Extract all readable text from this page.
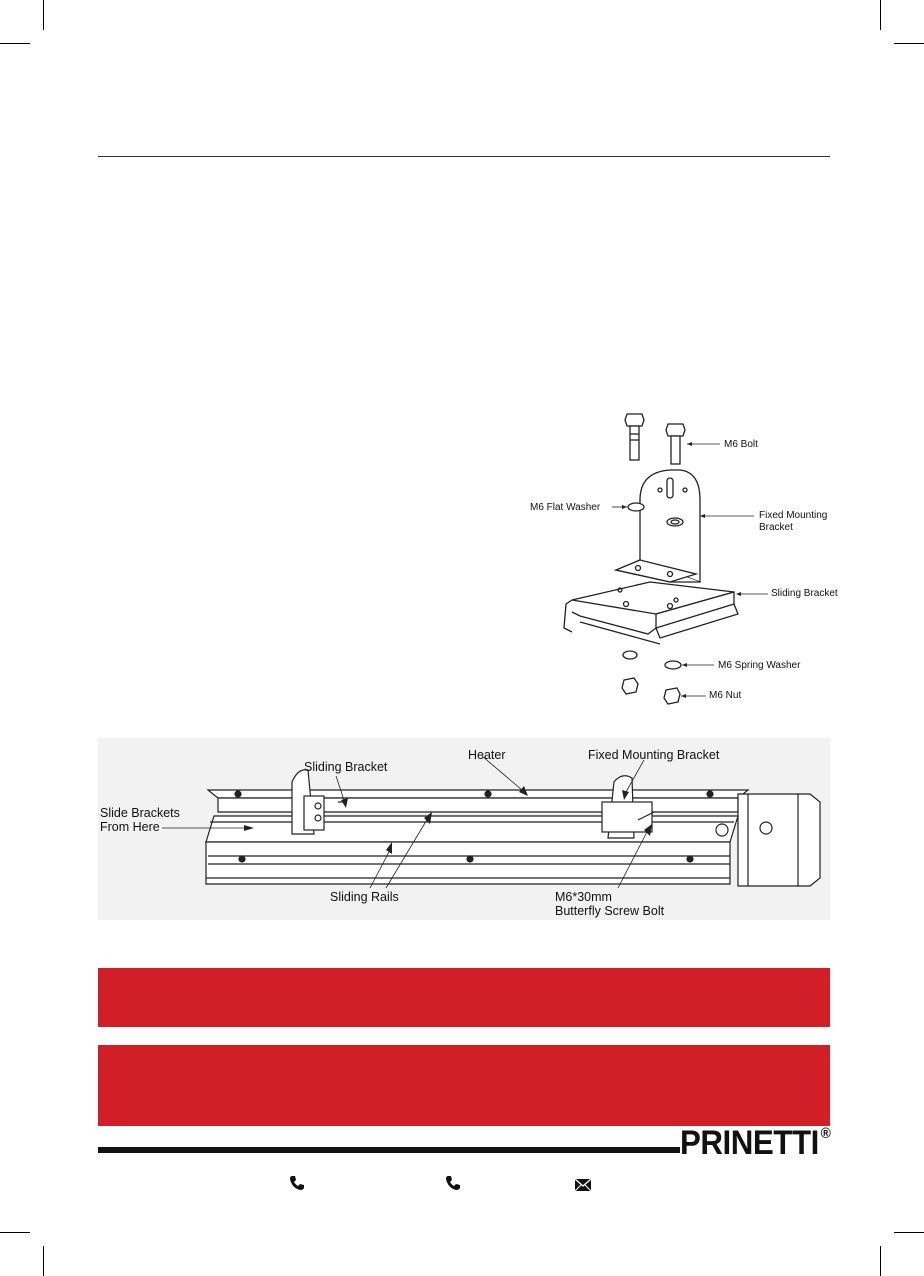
M6 Bolt
M6 Flat Washer
Fixed Mounting
Bracket
Sliding Bracket
M6 Spring Washer
M6 Nut
Sliding Bracket
Heater	Fixed Mounting Bracket
Slide Brackets
From Here
Sliding Rails	M6*30mm
Butterfly Screw Bolt
PRINETTI ®
